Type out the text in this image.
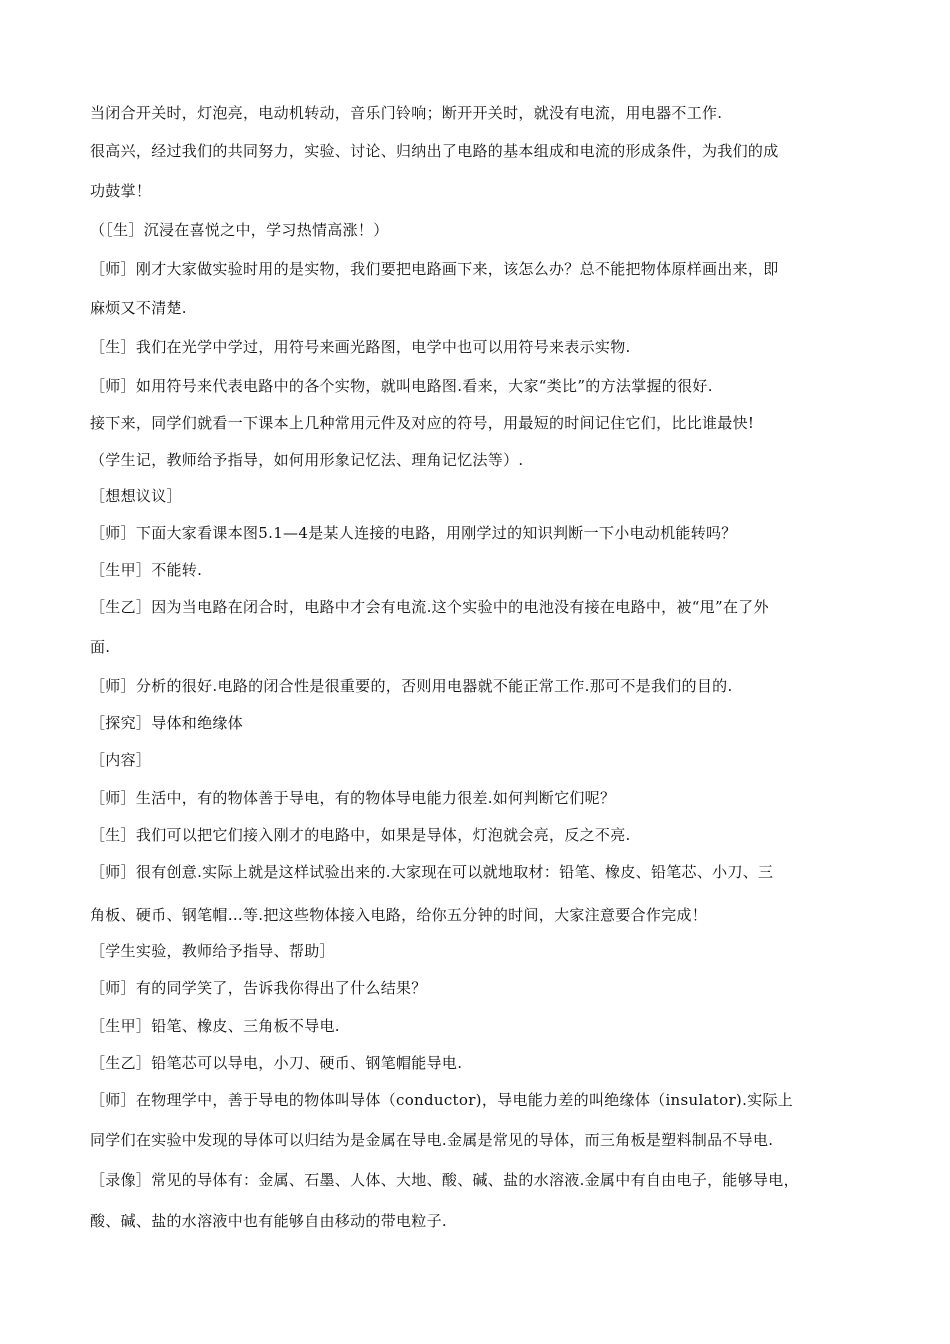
当闭合开关时，灯泡亮，电动机转动，音乐门铃响；断开开关时，就没有电流，用电器不工作.
很高兴，经过我们的共同努力，实验、讨论、归纳出了电路的基本组成和电流的形成条件，为我们的成
功鼓掌！
（［生］沉浸在喜悦之中，学习热情高涨！）
［师］刚才大家做实验时用的是实物，我们要把电路画下来，该怎么办？总不能把物体原样画出来，即
麻烦又不清楚.
［生］我们在光学中学过，用符号来画光路图，电学中也可以用符号来表示实物.
［师］如用符号来代表电路中的各个实物，就叫电路图.看来，大家“类比”的方法掌握的很好.
接下来，同学们就看一下课本上几种常用元件及对应的符号，用最短的时间记住它们，比比谁最快!
（学生记，教师给予指导，如何用形象记忆法、理角记忆法等）.
［想想议议］
［师］下面大家看课本图5.1—4是某人连接的电路，用刚学过的知识判断一下小电动机能转吗？
［生甲］不能转.
［生乙］因为当电路在闭合时，电路中才会有电流.这个实验中的电池没有接在电路中，被“甩”在了外
面.
［师］分析的很好.电路的闭合性是很重要的，否则用电器就不能正常工作.那可不是我们的目的.
［探究］导体和绝缘体
［内容］
［师］生活中，有的物体善于导电，有的物体导电能力很差.如何判断它们呢？
［生］我们可以把它们接入刚才的电路中，如果是导体，灯泡就会亮，反之不亮.
［师］很有创意.实际上就是这样试验出来的.大家现在可以就地取材：铅笔、橡皮、铅笔芯、小刀、三
角板、硬币、钢笔帽…等.把这些物体接入电路，给你五分钟的时间，大家注意要合作完成！
［学生实验，教师给予指导、帮助］
［师］有的同学笑了，告诉我你得出了什么结果？
［生甲］铅笔、橡皮、三角板不导电.
［生乙］铅笔芯可以导电，小刀、硬币、钢笔帽能导电.
［师］在物理学中，善于导电的物体叫导体（conductor)，导电能力差的叫绝缘体（insulator).实际上
同学们在实验中发现的导体可以归结为是金属在导电.金属是常见的导体，而三角板是塑料制品不导电.
［录像］常见的导体有：金属、石墨、人体、大地、酸、碱、盐的水溶液.金属中有自由电子，能够导电，
酸、碱、盐的水溶液中也有能够自由移动的带电粒子.
